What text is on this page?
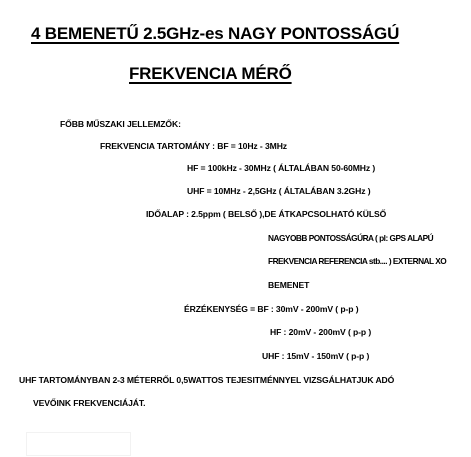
4 BEMENETŰ 2.5GHz-es NAGY PONTOSSÁGÚ
FREKVENCIA MÉRŐ
FŐBB MŰSZAKI JELLEMZŐK:
FREKVENCIA TARTOMÁNY : BF = 10Hz - 3MHz
HF = 100kHz - 30MHz ( ÁLTALÁBAN 50-60MHz )
UHF = 10MHz - 2,5GHz ( ÁLTALÁBAN 3.2GHz )
IDŐALAP : 2.5ppm ( BELSŐ ),DE ÁTKAPCSOLHATÓ KÜLSŐ
NAGYOBB PONTOSSÁGÚRA ( pl: GPS ALAPÚ
FREKVENCIA REFERENCIA stb.... ) EXTERNAL XO
BEMENET
ÉRZÉKENYSÉG = BF : 30mV - 200mV ( p-p )
HF : 20mV - 200mV ( p-p )
UHF : 15mV - 150mV ( p-p )
UHF TARTOMÁNYBAN 2-3 MÉTERRŐL 0,5WATTOS TEJESITMÉNNYEL VIZSGÁLHATJUK ADÓ
VEVŐINK FREKVENCIÁJÁT.
